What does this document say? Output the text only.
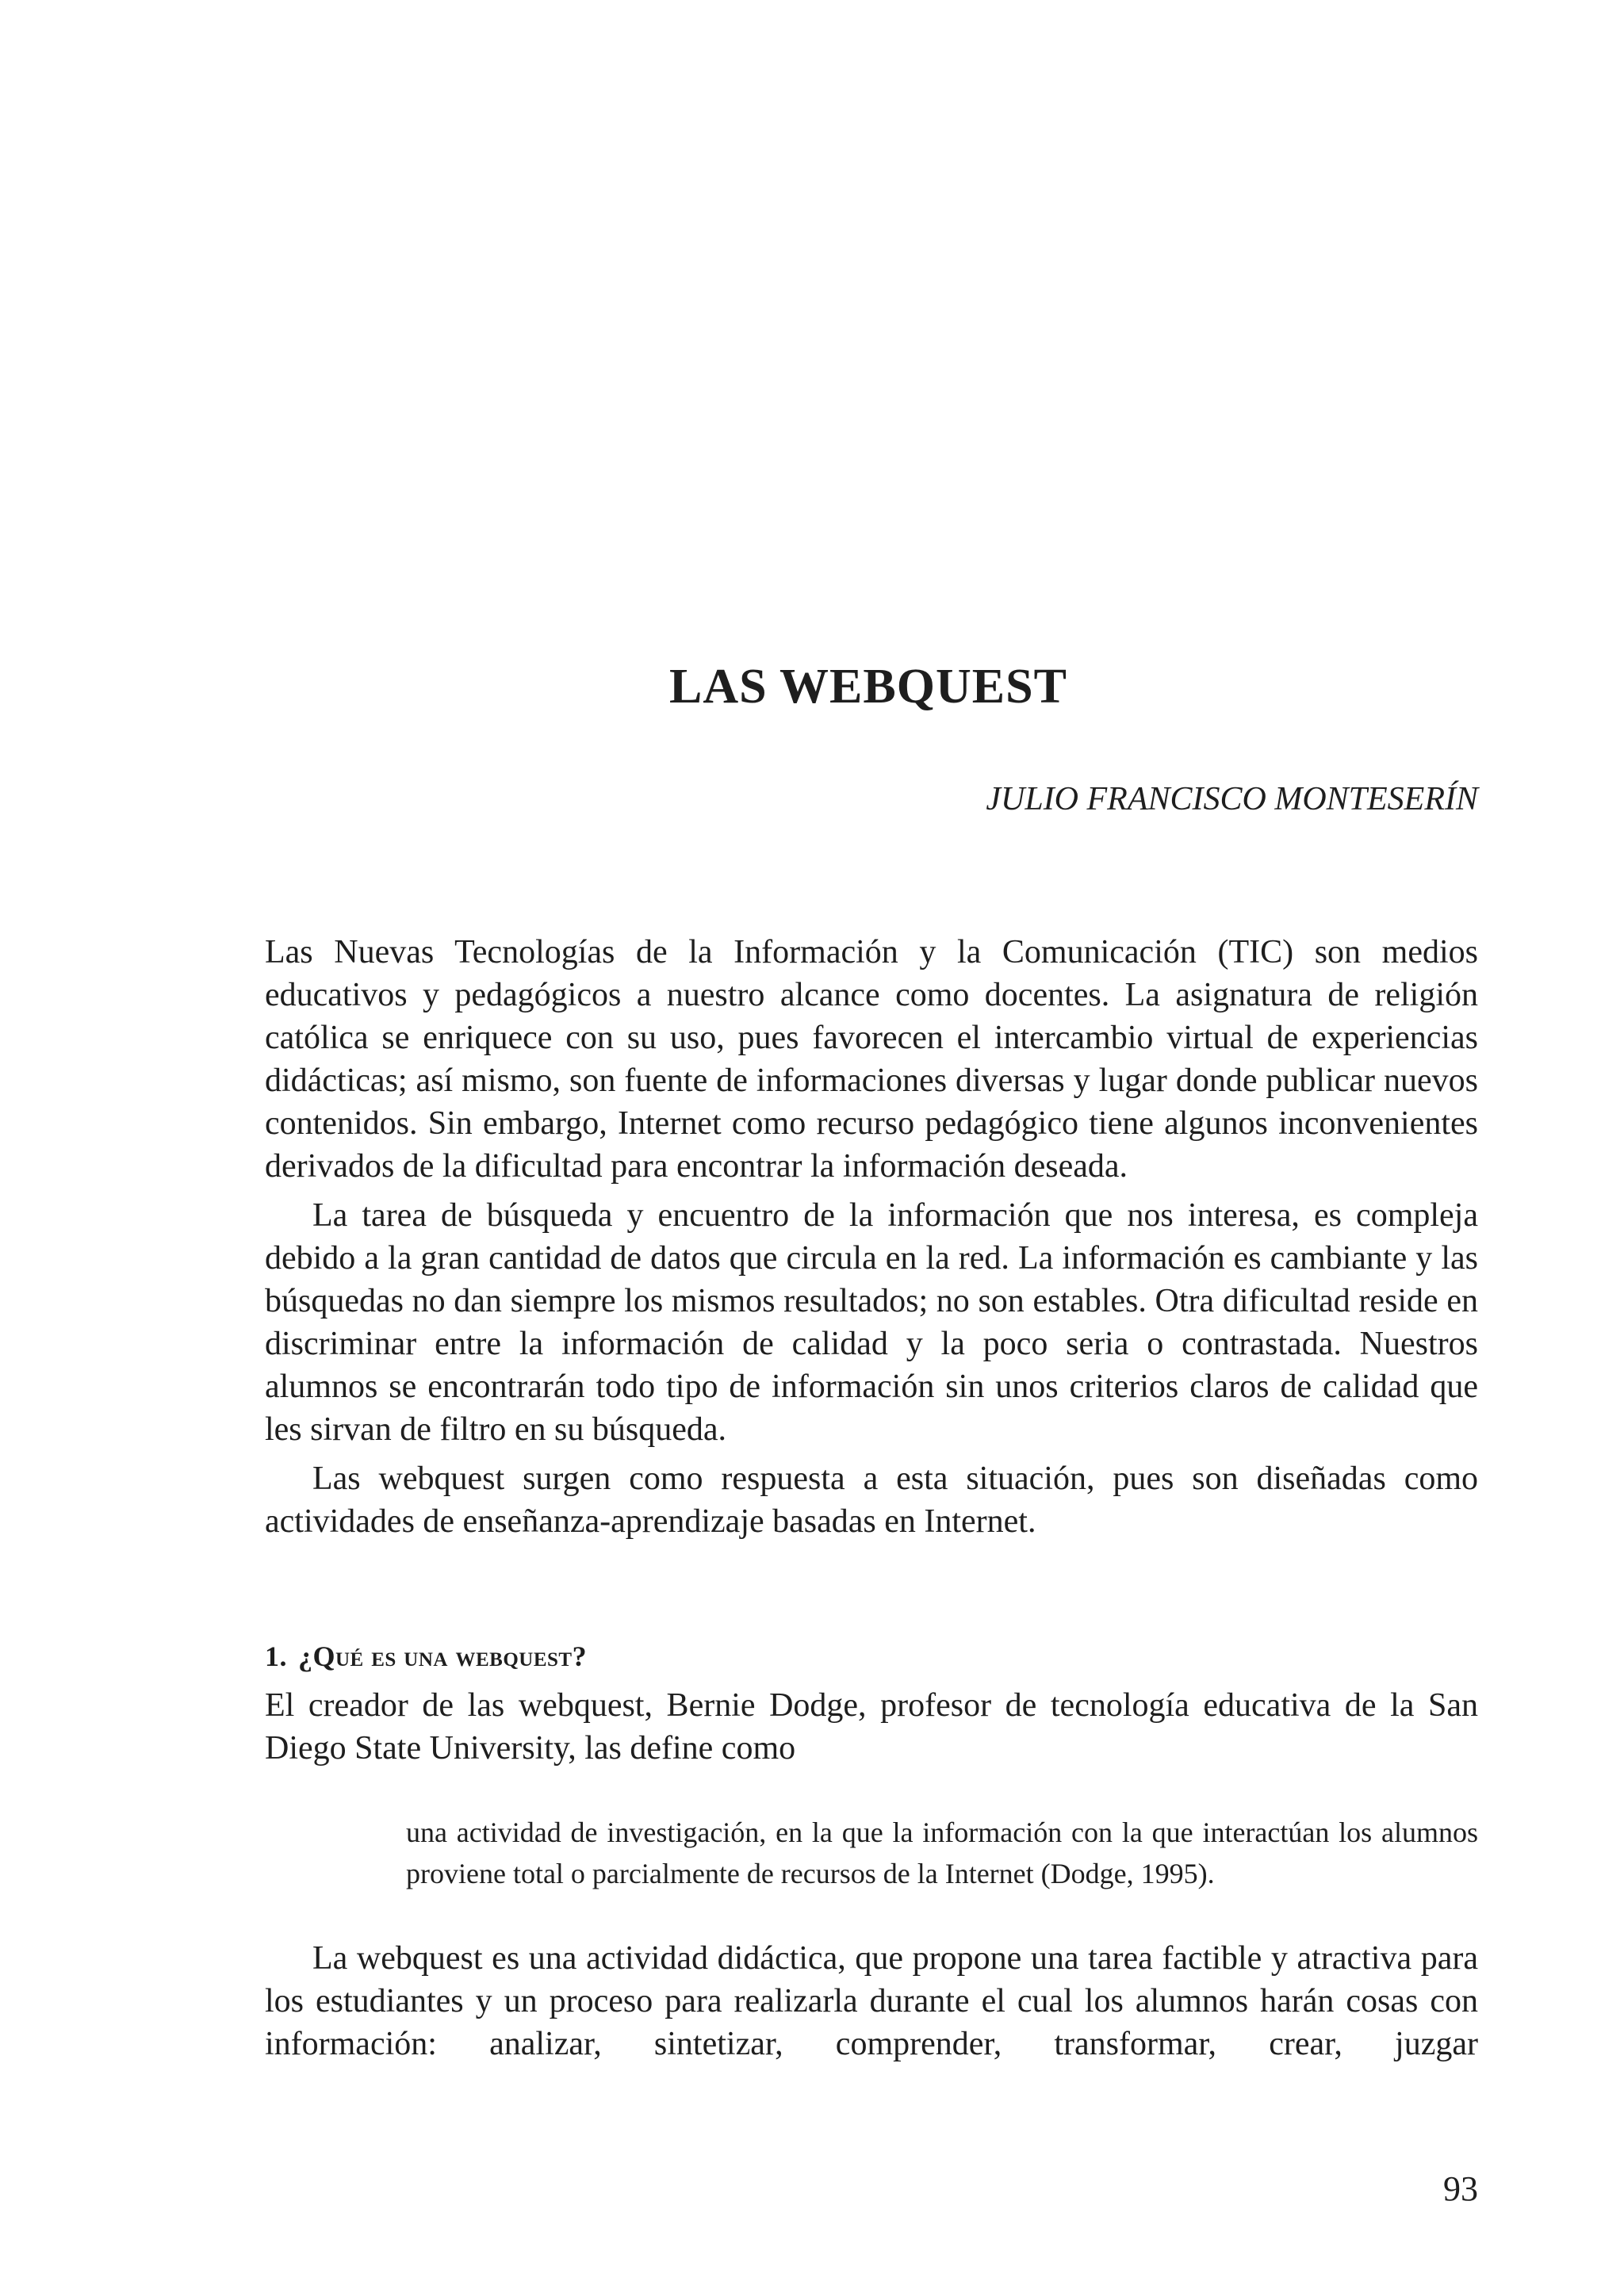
LAS WEBQUEST
JULIO FRANCISCO MONTESERÍN

Las Nuevas Tecnologías de la Información y la Comunicación (TIC) son medios educativos y pedagógicos a nuestro alcance como docentes. La asignatura de religión católica se enriquece con su uso, pues favorecen el intercambio virtual de experiencias didácticas; así mismo, son fuente de informaciones diversas y lugar donde publicar nuevos contenidos. Sin embargo, Internet como recurso pedagógico tiene algunos inconvenientes derivados de la dificultad para encontrar la información deseada.

La tarea de búsqueda y encuentro de la información que nos interesa, es compleja debido a la gran cantidad de datos que circula en la red. La información es cambiante y las búsquedas no dan siempre los mismos resultados; no son estables. Otra dificultad reside en discriminar entre la información de calidad y la poco seria o contrastada. Nuestros alumnos se encontrarán todo tipo de información sin unos criterios claros de calidad que les sirvan de filtro en su búsqueda.

Las webquest surgen como respuesta a esta situación, pues son diseñadas como actividades de enseñanza-aprendizaje basadas en Internet.

1. ¿Qué es una webquest?

El creador de las webquest, Bernie Dodge, profesor de tecnología educativa de la San Diego State University, las define como

una actividad de investigación, en la que la información con la que interactúan los alumnos proviene total o parcialmente de recursos de la Internet (Dodge, 1995).

La webquest es una actividad didáctica, que propone una tarea factible y atractiva para los estudiantes y un proceso para realizarla durante el cual los alumnos harán cosas con información: analizar, sintetizar, comprender, transformar, crear, juzgar

93
